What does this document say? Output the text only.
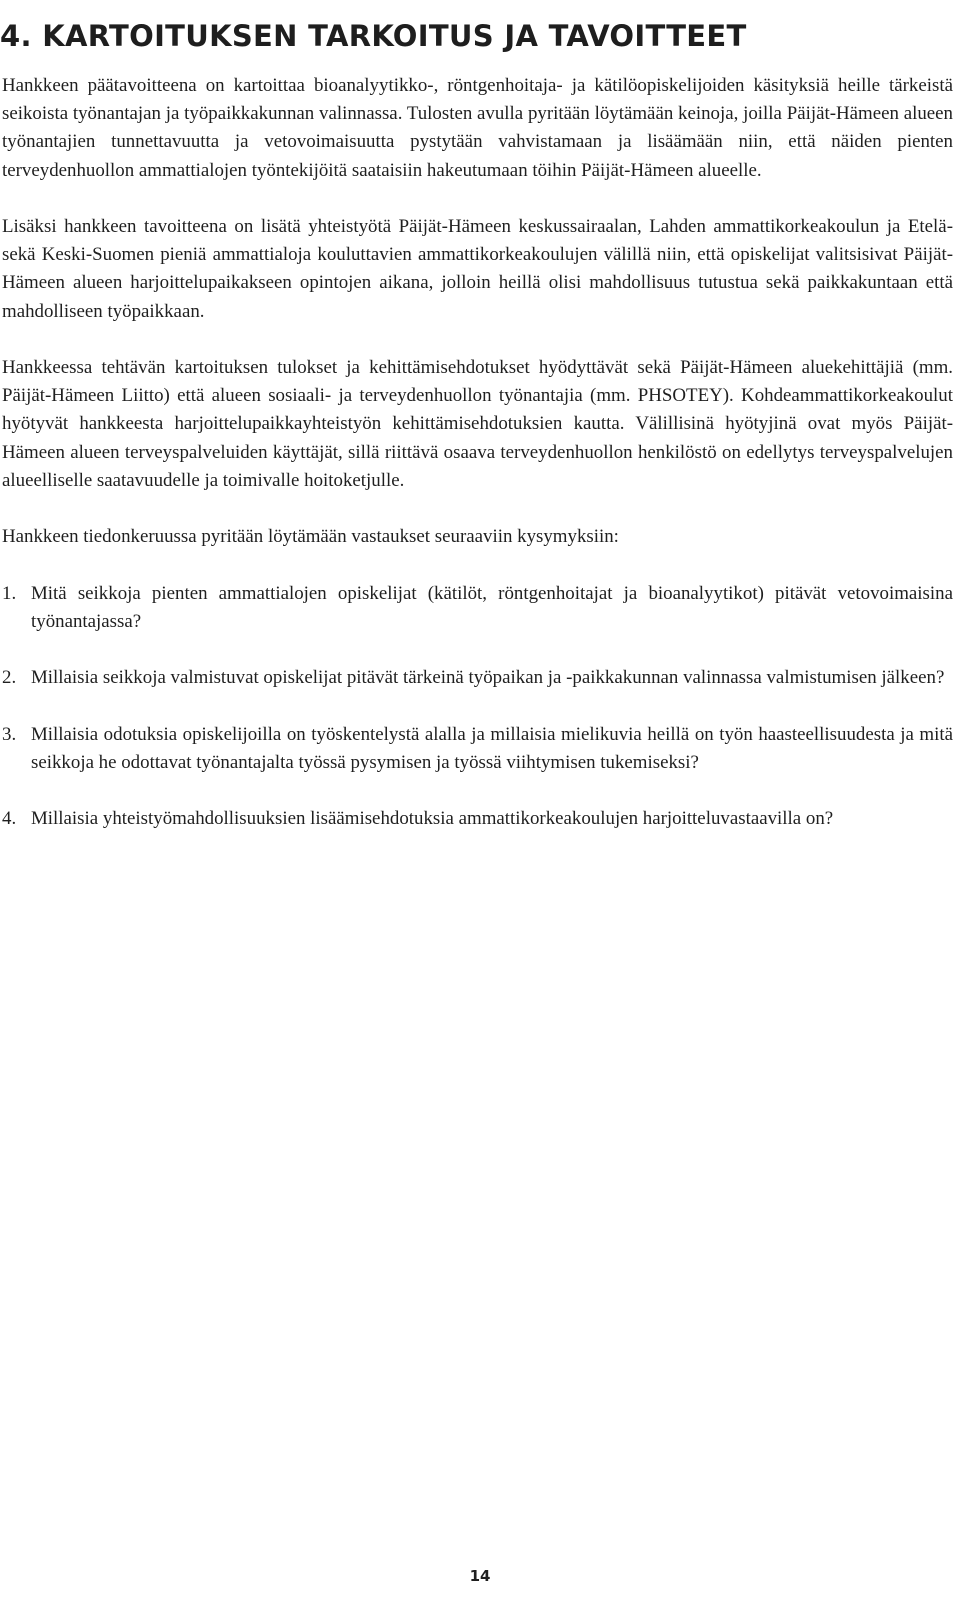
4. KARTOITUKSEN TARKOITUS JA TAVOITTEET

Hankkeen päätavoitteena on kartoittaa bioanalyytikko-, röntgenhoitaja- ja kätilöopiskelijoiden käsityksiä heille tärkeistä seikoista työnantajan ja työpaikkakunnan valinnassa. Tulosten avulla pyritään löytämään keinoja, joilla Päijät-Hämeen alueen työnantajien tunnettavuutta ja vetovoimaisuutta pystytään vahvistamaan ja lisäämään niin, että näiden pienten terveydenhuollon ammattialojen työntekijöitä saataisiin hakeutumaan töihin Päijät-Hämeen alueelle.

Lisäksi hankkeen tavoitteena on lisätä yhteistyötä Päijät-Hämeen keskussairaalan, Lahden ammattikorkeakoulun ja Etelä- sekä Keski-Suomen pieniä ammattialoja kouluttavien ammattikorkeakoulujen välillä niin, että opiskelijat valitsisivat Päijät-Hämeen alueen harjoittelupaikakseen opintojen aikana, jolloin heillä olisi mahdollisuus tutustua sekä paikkakuntaan että mahdolliseen työpaikkaan.

Hankkeessa tehtävän kartoituksen tulokset ja kehittämisehdotukset hyödyttävät sekä Päijät-Hämeen aluekehittäjiä (mm. Päijät-Hämeen Liitto) että alueen sosiaali- ja terveydenhuollon työnantajia (mm. PHSOTEY). Kohdeammattikorkeakoulut hyötyvät hankkeesta harjoittelupaikkayhteistyön kehittämisehdotuksien kautta. Välillisinä hyötyjinä ovat myös Päijät-Hämeen alueen terveyspalveluiden käyttäjät, sillä riittävä osaava terveydenhuollon henkilöstö on edellytys terveyspalvelujen alueelliselle saatavuudelle ja toimivalle hoitoketjulle.

Hankkeen tiedonkeruussa pyritään löytämään vastaukset seuraaviin kysymyksiin:

1. Mitä seikkoja pienten ammattialojen opiskelijat (kätilöt, röntgenhoitajat ja bioanalyytikot) pitävät vetovoimaisina työnantajassa?
2. Millaisia seikkoja valmistuvat opiskelijat pitävät tärkeinä työpaikan ja -paikkakunnan valinnassa valmistumisen jälkeen?
3. Millaisia odotuksia opiskelijoilla on työskentelystä alalla ja millaisia mielikuvia heillä on työn haasteellisuudesta ja mitä seikkoja he odottavat työnantajalta työssä pysymisen ja työssä viihtymisen tukemiseksi?
4. Millaisia yhteistyömahdollisuuksien lisäämisehdotuksia ammattikorkeakoulujen harjoitteluvastaavilla on?
14
